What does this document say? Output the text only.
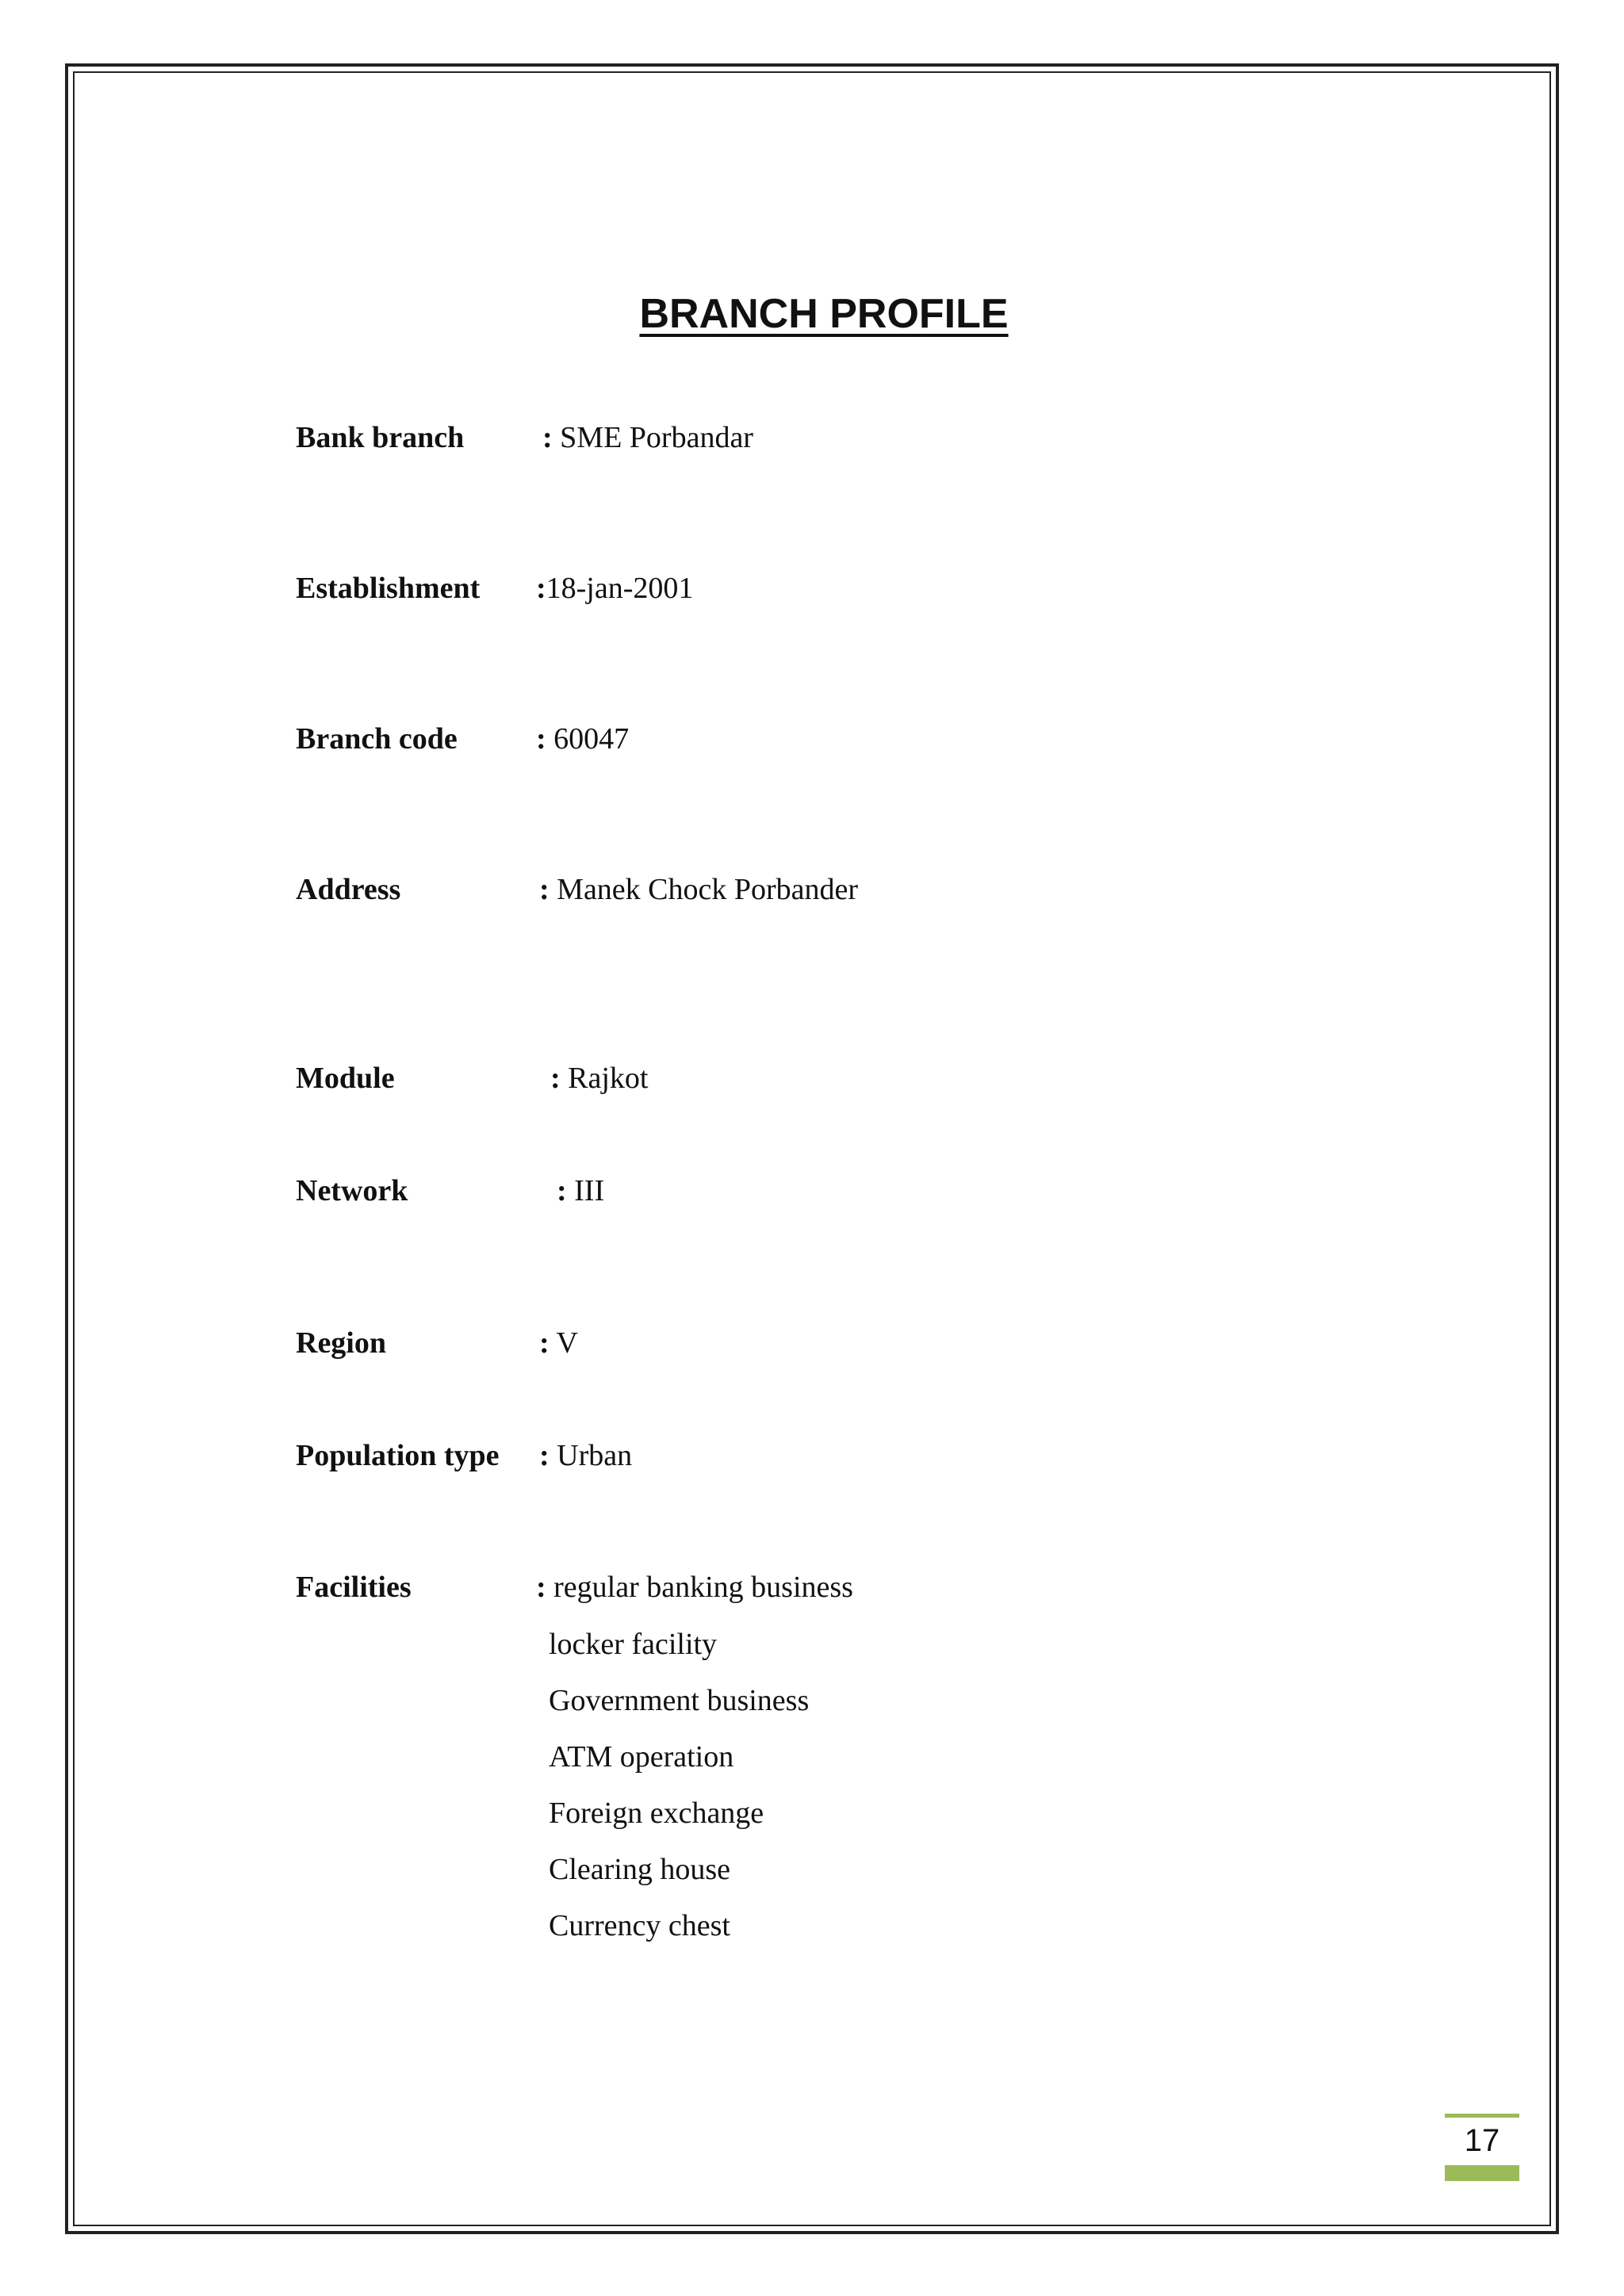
BRANCH PROFILE
Bank branch	: SME Porbandar
Establishment :18-jan-2001
Branch code	: 60047
Address	: Manek Chock Porbander
Module	: Rajkot
Network	: III
Region	: V
Population type : Urban
Facilities	: regular banking business
locker facility
Government business
ATM operation
Foreign exchange
Clearing house
Currency chest
17
